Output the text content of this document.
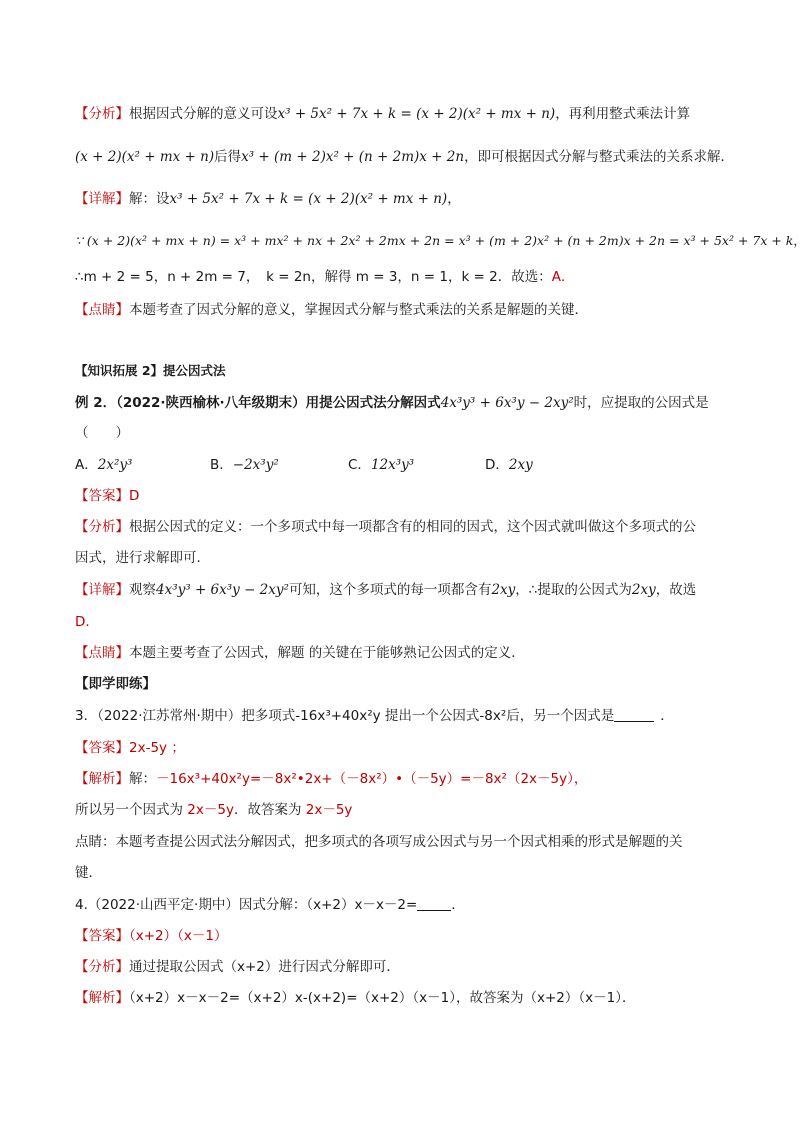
【分析】根据因式分解的意义可设x³ + 5x² + 7x + k = (x + 2)(x² + mx + n)，再利用整式乘法计算
(x + 2)(x² + mx + n)后得x³ + (m + 2)x² + (n + 2m)x + 2n，即可根据因式分解与整式乘法的关系求解．
【详解】解：设x³ + 5x² + 7x + k = (x + 2)(x² + mx + n)，
∵ (x + 2)(x² + mx + n) = x³ + mx² + nx + 2x² + 2mx + 2n = x³ + (m + 2)x² + (n + 2m)x + 2n = x³ + 5x² + 7x + k，
∴m + 2 = 5，n + 2m = 7，　k = 2n，解得 m = 3，n = 1，k = 2．故选：A．
【点睛】本题考查了因式分解的意义，掌握因式分解与整式乘法的关系是解题的关键．
【知识拓展 2】提公因式法
例 2．（2022·陕西榆林·八年级期末）用提公因式法分解因式4x³y³ + 6x³y − 2xy²时，应提取的公因式是
（　　）
A．2x²y³	B．−2x³y²	C．12x³y³	D．2xy
【答案】D
【分析】根据公因式的定义：一个多项式中每一项都含有的相同的因式，这个因式就叫做这个多项式的公
因式，进行求解即可．
【详解】观察4x³y³ + 6x³y − 2xy²可知，这个多项式的每一项都含有2xy，∴提取的公因式为2xy，故选
D．
【点睛】本题主要考查了公因式，解题 的关键在于能够熟记公因式的定义．
【即学即练】
3．（2022·江苏常州·期中）把多项式-16x³+40x²y 提出一个公因式-8x²后，另一个因式是	．
【答案】2x-5y ；
【解析】解：－16x³+40x²y=－8x²•2x+（－8x²）•（－5y）=－8x²（2x－5y），
所以另一个因式为 2x－5y．故答案为 2x－5y
点睛：本题考查提公因式法分解因式，把多项式的各项写成公因式与另一个因式相乘的形式是解题的关
键．
4.（2022·山西平定·期中）因式分解：（x+2）x－x－2=	．
【答案】（x+2）（x－1）
【分析】通过提取公因式（x+2）进行因式分解即可．
【解析】（x+2）x－x－2=（x+2）x-(x+2)=（x+2）（x－1），故答案为（x+2）（x－1）．
